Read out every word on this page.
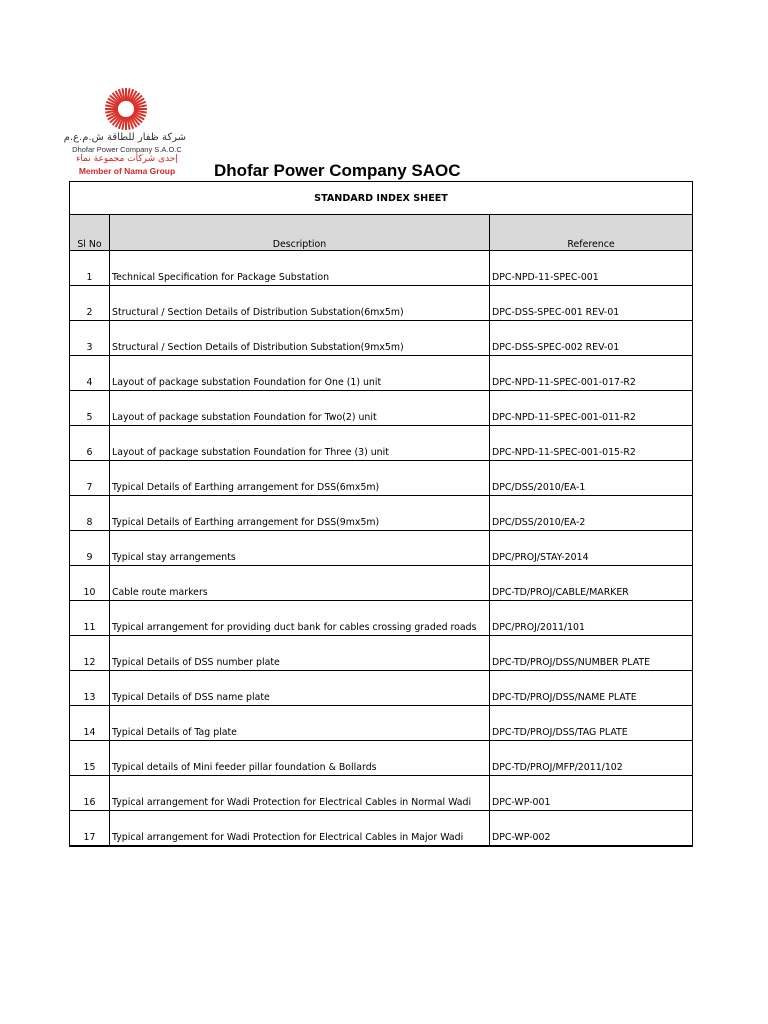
شركة ظفار للطاقة ش.م.ع.م
Dhofar Power Company S.A.O.C
إحدى شركات مجموعة نماء
Member of Nama Group	Dhofar Power Company SAOC
STANDARD INDEX SHEET		
Sl No	Description	Reference
1	Technical Specification for Package Substation	DPC-NPD-11-SPEC-001
2	Structural / Section Details of Distribution Substation(6mx5m)	DPC-DSS-SPEC-001 REV-01
3	Structural / Section Details of Distribution Substation(9mx5m)	DPC-DSS-SPEC-002 REV-01
4	Layout of package substation Foundation for One (1) unit	DPC-NPD-11-SPEC-001-017-R2
5	Layout of package substation Foundation for Two(2) unit	DPC-NPD-11-SPEC-001-011-R2
6	Layout of package substation Foundation for Three (3) unit	DPC-NPD-11-SPEC-001-015-R2
7	Typical Details of Earthing arrangement for DSS(6mx5m)	DPC/DSS/2010/EA-1
8	Typical Details of Earthing arrangement for DSS(9mx5m)	DPC/DSS/2010/EA-2
9	Typical stay arrangements	DPC/PROJ/STAY-2014
10	Cable route markers	DPC-TD/PROJ/CABLE/MARKER
11	Typical arrangement for providing duct bank for cables crossing graded roads	DPC/PROJ/2011/101
12	Typical Details of DSS number plate	DPC-TD/PROJ/DSS/NUMBER PLATE
13	Typical Details of DSS name plate	DPC-TD/PROJ/DSS/NAME PLATE
14	Typical Details of Tag plate	DPC-TD/PROJ/DSS/TAG PLATE
15	Typical details of Mini feeder pillar foundation & Bollards	DPC-TD/PROJ/MFP/2011/102
16	Typical arrangement for Wadi Protection for Electrical Cables in Normal Wadi	DPC-WP-001
17	Typical arrangement for Wadi Protection for Electrical Cables in Major Wadi	DPC-WP-002
